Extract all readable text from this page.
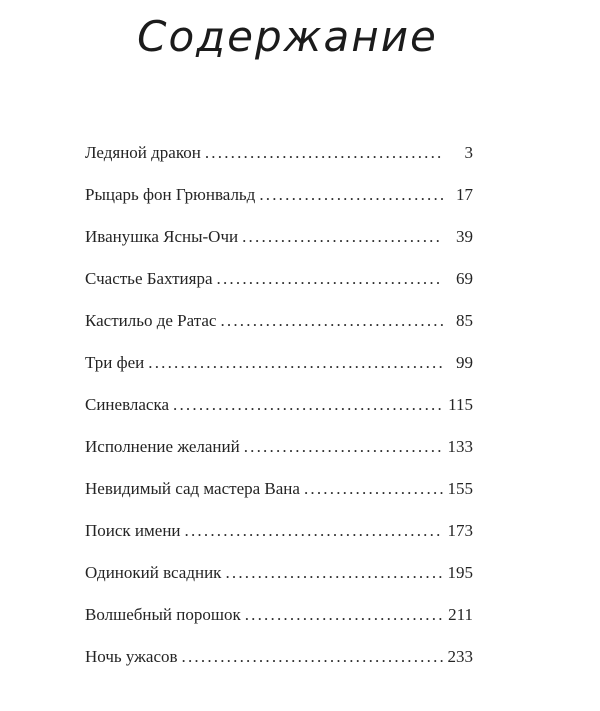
Содержание
Ледяной дракон .....	3
Рыцарь фон Грюнвальд .....	17
Иванушка Ясны-Очи .....	39
Счастье Бахтияра .....	69
Кастильо де Ратас .....	85
Три феи .....	99
Синевласка .....	115
Исполнение желаний .....	133
Невидимый сад мастера Вана .....	155
Поиск имени .....	173
Одинокий всадник .....	195
Волшебный порошок .....	211
Ночь ужасов .....	233
